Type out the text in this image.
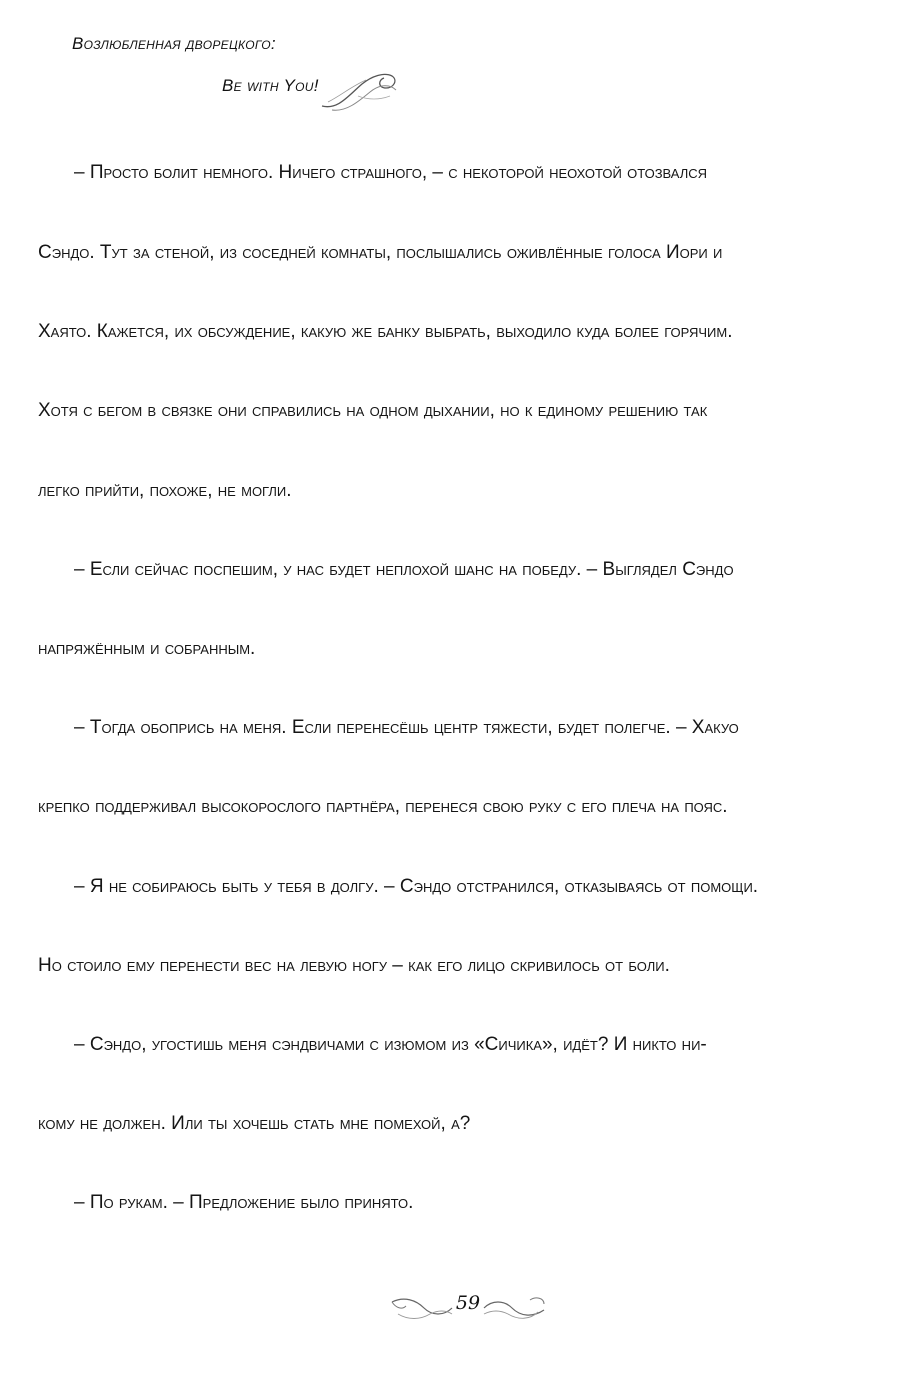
Возлюбленная дворецкого:
Be with You!
– Просто болит немного. Ничего страшного, – с некоторой неохотой отозвался
Сэндо. Тут за стеной, из соседней комнаты, послышались оживлённые голоса Иори и
Хаято. Кажется, их обсуждение, какую же банку выбрать, выходило куда более горячим.
Хотя с бегом в связке они справились на одном дыхании, но к единому решению так
легко прийти, похоже, не могли.
– Если сейчас поспешим, у нас будет неплохой шанс на победу. – Выглядел Сэндо
напряжённым и собранным.
– Тогда обопрись на меня. Если перенесёшь центр тяжести, будет полегче. – Хакуо
крепко поддерживал высокорослого партнёра, перенеся свою руку с его плеча на пояс.
– Я не собираюсь быть у тебя в долгу. – Сэндо отстранился, отказываясь от помощи.
Но стоило ему перенести вес на левую ногу – как его лицо скривилось от боли.
– Сэндо, угостишь меня сэндвичами с изюмом из «Сичика», идёт? И никто ни-
кому не должен. Или ты хочешь стать мне помехой, а?
– По рукам. – Предложение было принято.
59
